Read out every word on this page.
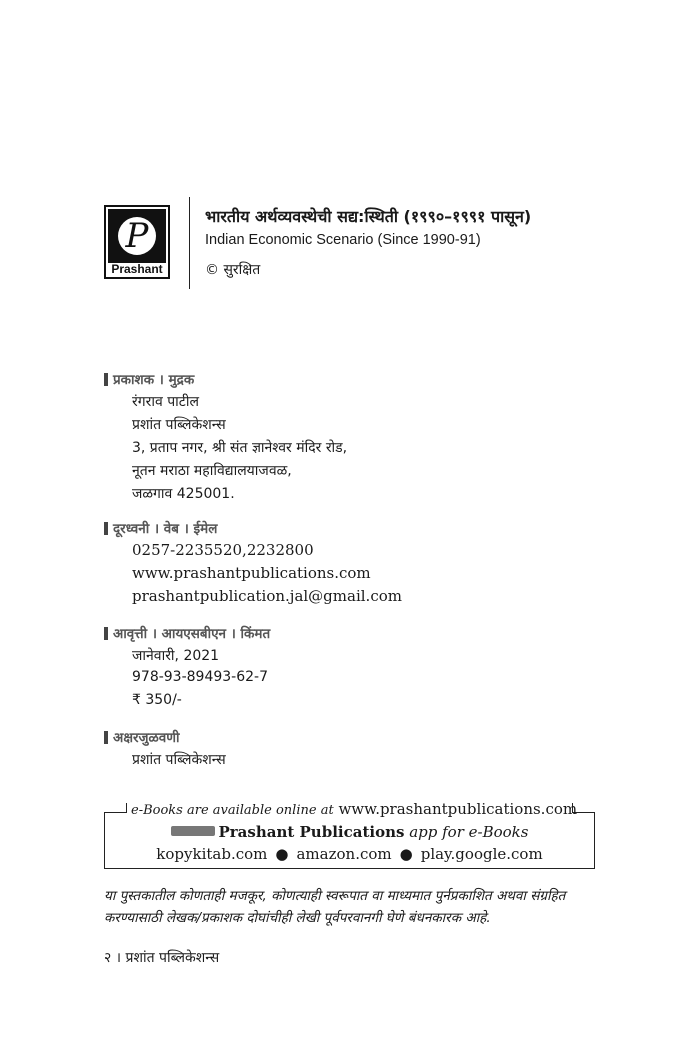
P
Prashant
भारतीय अर्थव्यवस्थेची सद्य:स्थिती (१९९०–१९९१ पासून)
Indian Economic Scenario (Since 1990-91)
© सुरक्षित
प्रकाशक । मुद्रक
रंगराव पाटील
प्रशांत पब्लिकेशन्स
3, प्रताप नगर, श्री संत ज्ञानेश्वर मंदिर रोड,
नूतन मराठा महाविद्यालयाजवळ,
जळगाव 425001.
दूरध्वनी । वेब । ईमेल
0257-2235520,2232800
www.prashantpublications.com
prashantpublication.jal@gmail.com
आवृत्ती । आयएसबीएन । किंमत
जानेवारी, 2021
978-93-89493-62-7
₹ 350/-
अक्षरजुळवणी
प्रशांत पब्लिकेशन्स
e-Books are available online at www.prashantpublications.com
Prashant Publications app for e-Books
kopykitab.com ● amazon.com ● play.google.com
या पुस्तकातील कोणताही मजकूर, कोणत्याही स्वरूपात वा माध्यमात पुर्नप्रकाशित अथवा संग्रहित करण्यासाठी लेखक/प्रकाशक दोघांचीही लेखी पूर्वपरवानगी घेणे बंधनकारक आहे.
२ । प्रशांत पब्लिकेशन्स
